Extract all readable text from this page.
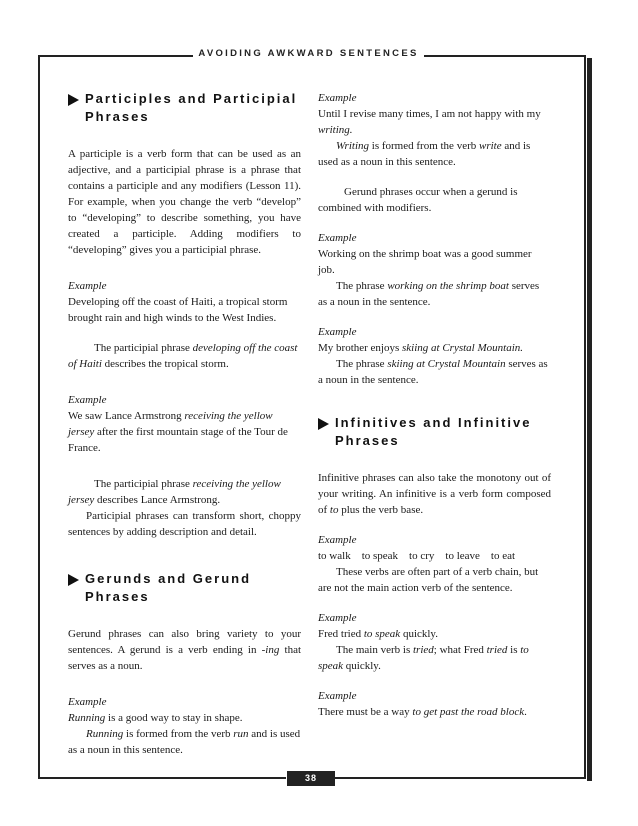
AVOIDING AWKWARD SENTENCES
38
Participles and Participial Phrases

A participle is a verb form that can be used as an adjective, and a participial phrase is a phrase that contains a participle and any modifiers (Lesson 11). For example, when you change the verb “develop” to “developing” to describe something, you have created a participle. Adding modifiers to “developing” gives you a participial phrase.

Example

Developing off the coast of Haiti, a tropical storm brought rain and high winds to the West Indies.

The participial phrase developing off the coast of Haiti describes the tropical storm.

Example

We saw Lance Armstrong receiving the yellow jersey after the first mountain stage of the Tour de France.

The participial phrase receiving the yellow jersey describes Lance Armstrong.

Participial phrases can transform short, choppy sentences by adding description and detail.

Gerunds and Gerund Phrases

Gerund phrases can also bring variety to your sentences. A gerund is a verb ending in -ing that serves as a noun.

Example

Running is a good way to stay in shape.

Running is formed from the verb run and is used as a noun in this sentence.

Example

Until I revise many times, I am not happy with my writing.

Writing is formed from the verb write and is used as a noun in this sentence.

Gerund phrases occur when a gerund is combined with modifiers.

Example

Working on the shrimp boat was a good summer job.

The phrase working on the shrimp boat serves as a noun in the sentence.

Example

My brother enjoys skiing at Crystal Mountain.

The phrase skiing at Crystal Mountain serves as a noun in the sentence.

Infinitives and Infinitive Phrases

Infinitive phrases can also take the monotony out of your writing. An infinitive is a verb form composed of to plus the verb base.

Example

to walk    to speak    to cry    to leave    to eat

These verbs are often part of a verb chain, but are not the main action verb of the sentence.

Example

Fred tried to speak quickly.

The main verb is tried; what Fred tried is to speak quickly.

Example

There must be a way to get past the road block.
